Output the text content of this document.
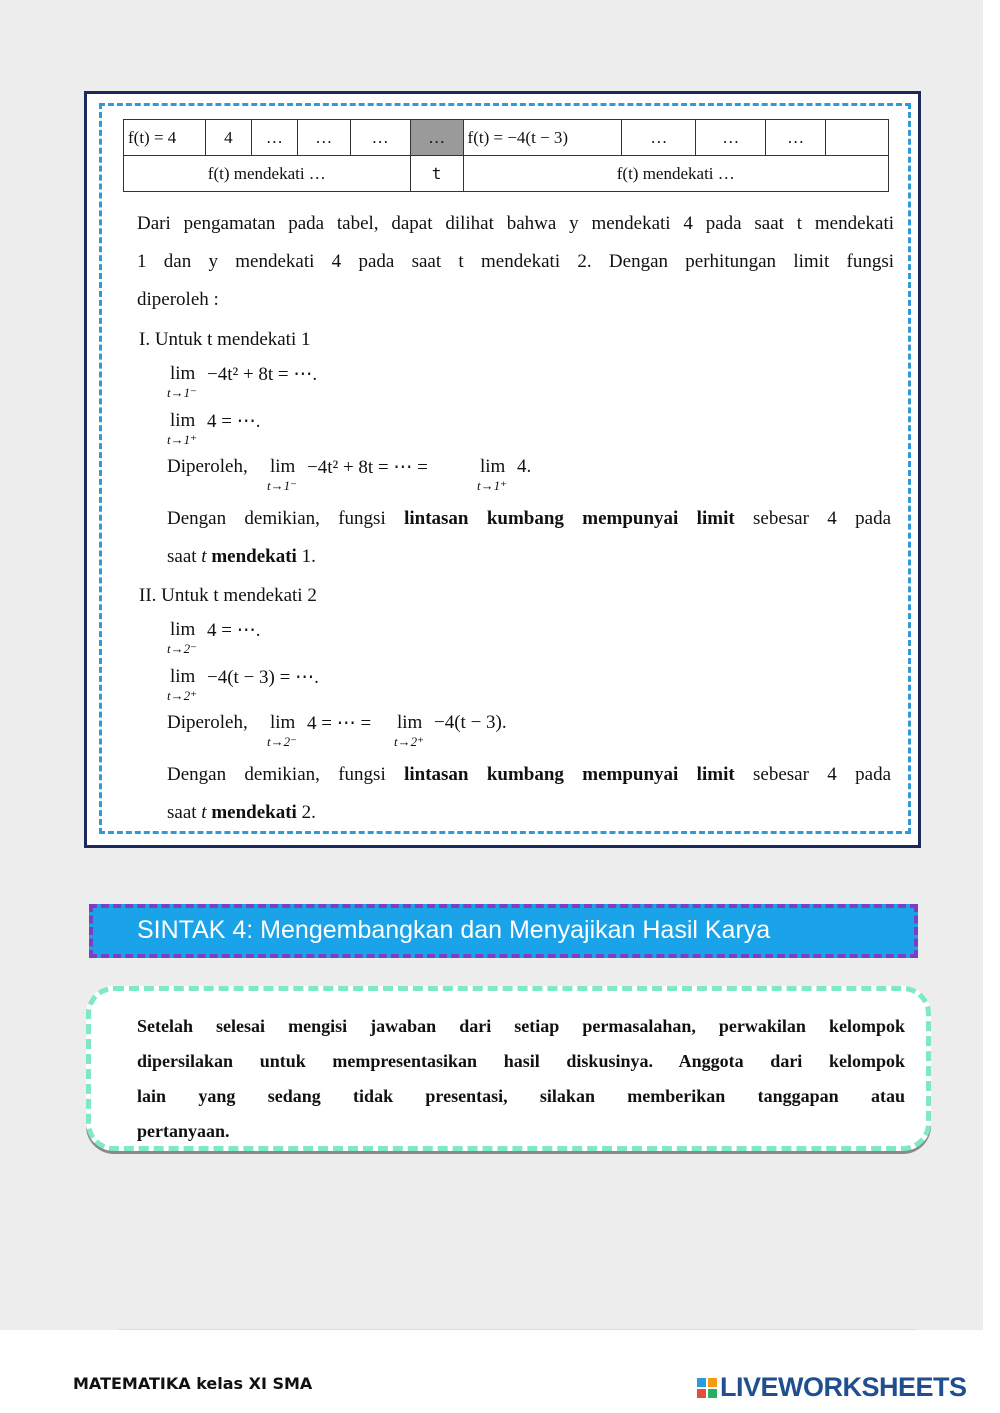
f(t) = 4	4	…	…	…	…	f(t) = −4(t − 3)	…	…	…	
f(t) mendekati …					t	f(t) mendekati …				
Dari pengamatan pada tabel, dapat dilihat bahwa y mendekati 4 pada saat t mendekati
1 dan y mendekati 4 pada saat t mendekati 2. Dengan perhitungan limit fungsi
diperoleh :
I. Untuk t mendekati 1
lim
t→1⁻
−4t² + 8t = ⋯.
lim
t→1⁺
4 = ⋯.
Diperoleh, lim
t→1⁻
−4t² + 8t = ⋯ =	lim
t→1⁺
4.
Dengan demikian, fungsi lintasan kumbang mempunyai limit sebesar 4 pada
saat t mendekati 1.
II. Untuk t mendekati 2
lim
t→2⁻
4 = ⋯.
lim
t→2⁺
−4(t − 3) = ⋯.
Diperoleh, lim
t→2⁻
4 = ⋯ = lim
t→2⁺
−4(t − 3).
Dengan demikian, fungsi lintasan kumbang mempunyai limit sebesar 4 pada
saat t mendekati 2.
SINTAK 4: Mengembangkan dan Menyajikan Hasil Karya
Setelah selesai mengisi jawaban dari setiap permasalahan, perwakilan kelompok
dipersilakan untuk mempresentasikan hasil diskusinya. Anggota dari kelompok
lain yang sedang tidak presentasi, silakan memberikan tanggapan atau
pertanyaan.
MATEMATIKA kelas XI SMA	LIVEWORKSHEETS
